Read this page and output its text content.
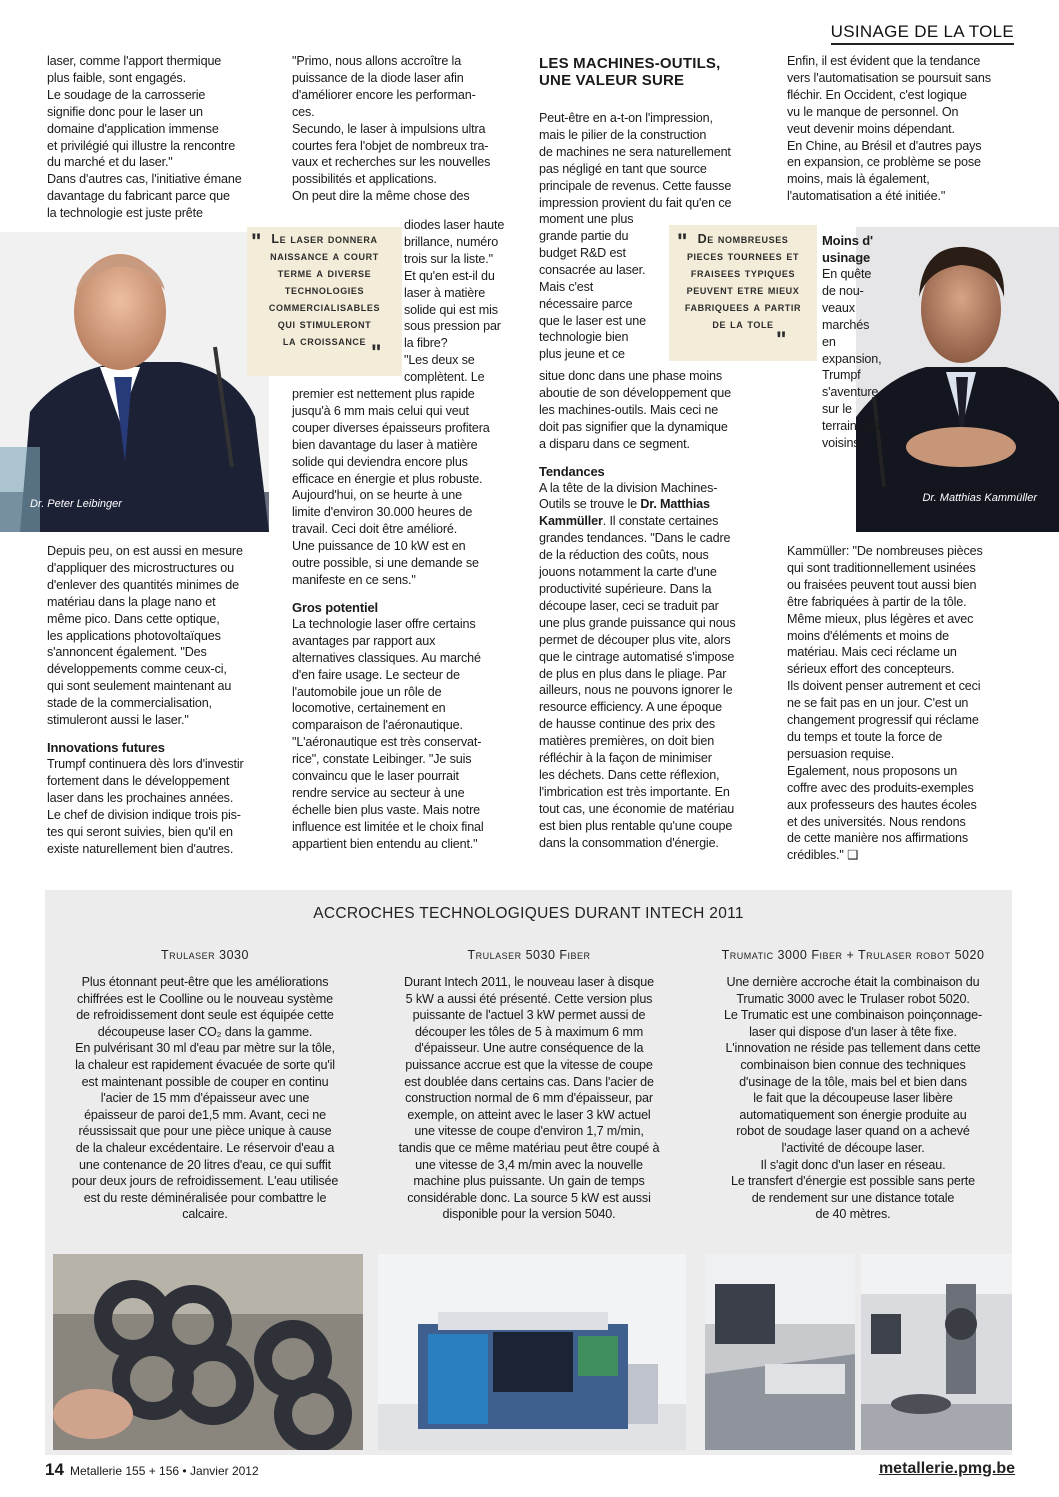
USINAGE DE LA TOLE
laser, comme l'apport thermique
plus faible, sont engagés.
Le soudage de la carrosserie
signifie donc pour le laser un
domaine d'application immense
et privilégié qui illustre la rencontre
du marché et du laser."
Dans d'autres cas, l'initiative émane
davantage du fabricant parce que
la technologie est juste prête
Dr. Peter Leibinger
" Le laser donnera
naissance a court
terme a diverse
technologies
commercialisables
qui stimuleront
la croissance "
Depuis peu, on est aussi en mesure
d'appliquer des microstructures ou
d'enlever des quantités minimes de
matériau dans la plage nano et
même pico. Dans cette optique,
les applications photovoltaïques
s'annoncent également. "Des
développements comme ceux-ci,
qui sont seulement maintenant au
stade de la commercialisation,
stimuleront aussi le laser."

Innovations futures

Trumpf continuera dès lors d'investir
fortement dans le développement
laser dans les prochaines années.
Le chef de division indique trois pis-
tes qui seront suivies, bien qu'il en
existe naturellement bien d'autres.
"Primo, nous allons accroître la
puissance de la diode laser afin
d'améliorer encore les performan-
ces.
Secundo, le laser à impulsions ultra
courtes fera l'objet de nombreux tra-
vaux et recherches sur les nouvelles
possibilités et applications.
On peut dire la même chose des
diodes laser haute
brillance, numéro
trois sur la liste."
Et qu'en est-il du
laser à matière
solide qui est mis
sous pression par
la fibre?
"Les deux se
complètent. Le
premier est nettement plus rapide
jusqu'à 6 mm mais celui qui veut
couper diverses épaisseurs profitera
bien davantage du laser à matière
solide qui deviendra encore plus
efficace en énergie et plus robuste.
Aujourd'hui, on se heurte à une
limite d'environ 30.000 heures de
travail. Ceci doit être amélioré.
Une puissance de 10 kW est en
outre possible, si une demande se
manifeste en ce sens."

Gros potentiel

La technologie laser offre certains
avantages par rapport aux
alternatives classiques. Au marché
d'en faire usage. Le secteur de
l'automobile joue un rôle de
locomotive, certainement en
comparaison de l'aéronautique.
"L'aéronautique est très conservat-
rice", constate Leibinger. "Je suis
convaincu que le laser pourrait
rendre service au secteur à une
échelle bien plus vaste. Mais notre
influence est limitée et le choix final
appartient bien entendu au client."
LES MACHINES-OUTILS,
UNE VALEUR SURE
Peut-être en a-t-on l'impression,
mais le pilier de la construction
de machines ne sera naturellement
pas négligé en tant que source
principale de revenus. Cette fausse
impression provient du fait qu'en ce
moment une plus
grande partie du
budget R&D est
consacrée au laser.
Mais c'est
nécessaire parce
que le laser est une
technologie bien
plus jeune et ce
" De nombreuses
pieces tournees et
fraisees typiques
peuvent etre mieux
fabriquees a partir
de la tole
"
situe donc dans une phase moins
aboutie de son développement que
les machines-outils. Mais ceci ne
doit pas signifier que la dynamique
a disparu dans ce segment.

Tendances

A la tête de la division Machines-

Outils se trouve le Dr. Matthias

Kammüller. Il constate certaines

grandes tendances. "Dans le cadre
de la réduction des coûts, nous
jouons notamment la carte d'une
productivité supérieure. Dans la
découpe laser, ceci se traduit par
une plus grande puissance qui nous
permet de découper plus vite, alors
que le cintrage automatisé s'impose
de plus en plus dans le pliage. Par
ailleurs, nous ne pouvons ignorer le
resource efficiency. A une époque
de hausse continue des prix des
matières premières, on doit bien
réfléchir à la façon de minimiser
les déchets. Dans cette réflexion,
l'imbrication est très importante. En
tout cas, une économie de matériau
est bien plus rentable qu'une coupe
dans la consommation d'énergie.
Enfin, il est évident que la tendance
vers l'automatisation se poursuit sans
fléchir. En Occident, c'est logique
vu le manque de personnel. On
veut devenir moins dépendant.
En Chine, au Brésil et d'autres pays
en expansion, ce problème se pose
moins, mais là également,
l'automatisation a été initiée."
Dr. Matthias Kammüller

Moins d'
usinage

En quête
de nou-
veaux
marchés en
expansion,
Trumpf
s'aventure
sur le
terrain des
voisins.
Kammüller: "De nombreuses pièces
qui sont traditionnellement usinées
ou fraisées peuvent tout aussi bien
être fabriquées à partir de la tôle.
Même mieux, plus légères et avec
moins d'éléments et moins de
matériau. Mais ceci réclame un
sérieux effort des concepteurs.
Ils doivent penser autrement et ceci
ne se fait pas en un jour. C'est un
changement progressif qui réclame
du temps et toute la force de
persuasion requise.
Egalement, nous proposons un
coffre avec des produits-exemples
aux professeurs des hautes écoles
et des universités. Nous rendons
de cette manière nos affirmations
crédibles." ❑
ACCROCHES TECHNOLOGIQUES DURANT INTECH 2011
Trulaser 3030
Plus étonnant peut-être que les améliorations
chiffrées est le Coolline ou le nouveau système
de refroidissement dont seule est équipée cette
découpeuse laser CO₂ dans la gamme.
En pulvérisant 30 ml d'eau par mètre sur la tôle,
la chaleur est rapidement évacuée de sorte qu'il
est maintenant possible de couper en continu
l'acier de 15 mm d'épaisseur avec une
épaisseur de paroi de1,5 mm. Avant, ceci ne
réussissait que pour une pièce unique à cause
de la chaleur excédentaire. Le réservoir d'eau a
une contenance de 20 litres d'eau, ce qui suffit
pour deux jours de refroidissement. L'eau utilisée
est du reste déminéralisée pour combattre le
calcaire.
Trulaser 5030 Fiber
Durant Intech 2011, le nouveau laser à disque
5 kW a aussi été présenté. Cette version plus
puissante de l'actuel 3 kW permet aussi de
découper les tôles de 5 à maximum 6 mm
d'épaisseur. Une autre conséquence de la
puissance accrue est que la vitesse de coupe
est doublée dans certains cas. Dans l'acier de
construction normal de 6 mm d'épaisseur, par
exemple, on atteint avec le laser 3 kW actuel
une vitesse de coupe d'environ 1,7 m/min,
tandis que ce même matériau peut être coupé à
une vitesse de 3,4 m/min avec la nouvelle
machine plus puissante. Un gain de temps
considérable donc. La source 5 kW est aussi
disponible pour la version 5040.
Trumatic 3000 Fiber + Trulaser robot 5020
Une dernière accroche était la combinaison du
Trumatic 3000 avec le Trulaser robot 5020.
Le Trumatic est une combinaison poinçonnage-
laser qui dispose d'un laser à tête fixe.
L'innovation ne réside pas tellement dans cette
combinaison bien connue des techniques
d'usinage de la tôle, mais bel et bien dans
le fait que la découpeuse laser libère
automatiquement son énergie produite au
robot de soudage laser quand on a achevé
l'activité de découpe laser.
Il s'agit donc d'un laser en réseau.
Le transfert d'énergie est possible sans perte
de rendement sur une distance totale
de 40 mètres.
14 Metallerie 155 + 156 • Janvier 2012	metallerie.pmg.be
